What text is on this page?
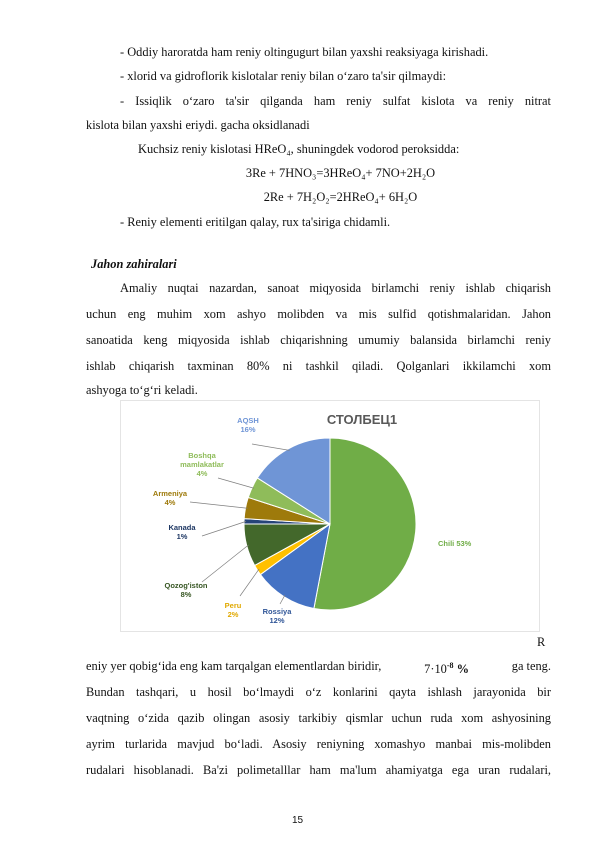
- Oddiy haroratda ham reniy oltingugurt bilan yaxshi reaksiyaga kirishadi.
- xlorid va gidroflorik kislotalar reniy bilan o‘zaro ta'sir qilmaydi:
- Issiqlik o‘zaro ta'sir qilganda ham reniy sulfat kislota va reniy nitrat
kislota bilan yaxshi eriydi. gacha oksidlanadi
Kuchsiz reniy kislotasi HReO₄, shuningdek vodorod peroksidda:
3Re + 7HNO₃=3HReO₄+ 7NO+2H₂O
2Re + 7H₂O₂=2HReO₄+ 6H₂O
- Reniy elementi eritilgan qalay, rux ta'siriga chidamli.
Jahon zahiralari
Amaliy nuqtai nazardan, sanoat miqyosida birlamchi reniy ishlab chiqarish
uchun eng muhim xom ashyo molibden va mis sulfid qotishmalaridan. Jahon
sanoatida keng miqyosida ishlab chiqarishning umumiy balansida birlamchi reniy
ishlab chiqarish taxminan 80% ni tashkil qiladi. Qolganlari ikkilamchi xom
ashyoga to‘g‘ri keladi.
СТОЛБЕЦ1
Chili 53%
Rossiya 12%
Peru 2%
Qozog'iston 8%
Kanada 1%
Armeniya 4%
Boshqa mamlakatlar 4%
AQSH 16%
R
eniy yer qobig‘ida eng kam tarqalgan elementlardan biridir,	$7\cdot 10^{-8}$ %	ga teng.
Bundan tashqari, u hosil bo‘lmaydi o‘z konlarini qayta ishlash jarayonida bir
vaqtning o‘zida qazib olingan asosiy tarkibiy qismlar uchun ruda xom ashyosining
ayrim turlarida mavjud bo‘ladi. Asosiy reniyning xomashyo manbai mis-molibden
rudalari hisoblanadi. Ba'zi polimetalllar ham ma'lum ahamiyatga ega uran rudalari,
15
